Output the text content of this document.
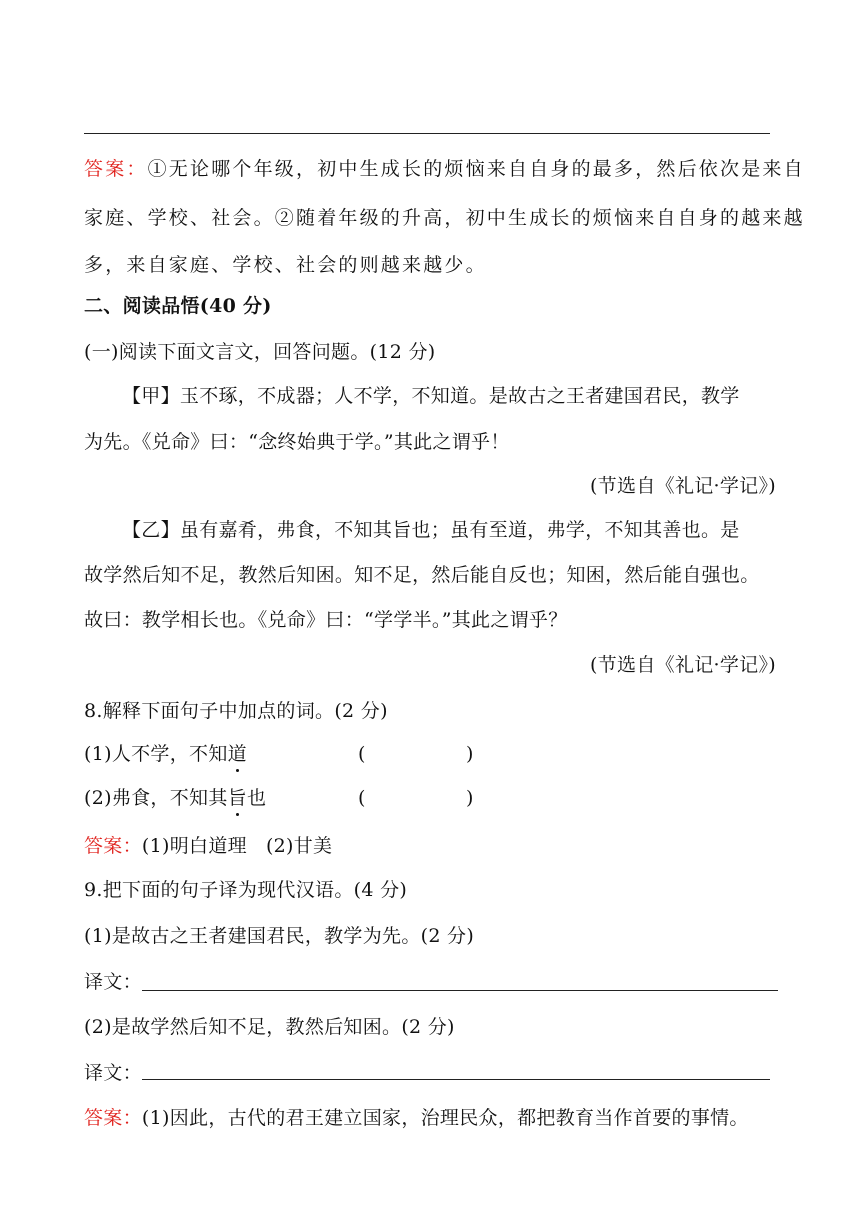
答案：①无论哪个年级，初中生成长的烦恼来自自身的最多，然后依次是来自
家庭、学校、社会。②随着年级的升高，初中生成长的烦恼来自自身的越来越
多，来自家庭、学校、社会的则越来越少。
二、阅读品悟(40 分)
(一)阅读下面文言文，回答问题。(12 分)
【甲】玉不琢，不成器；人不学，不知道。是故古之王者建国君民，教学
为先。《兑命》曰：“念终始典于学。”其此之谓乎！
(节选自《礼记·学记》)
【乙】虽有嘉肴，弗食，不知其旨也；虽有至道，弗学，不知其善也。是
故学然后知不足，教然后知困。知不足，然后能自反也；知困，然后能自强也。
故曰：教学相长也。《兑命》曰：“学学半。”其此之谓乎？
(节选自《礼记·学记》)
8.解释下面句子中加点的词。(2 分)
(1)人不学，不知道	(	)
(2)弗食，不知其旨也	(	)
答案：(1)明白道理   (2)甘美
9.把下面的句子译为现代汉语。(4 分)
(1)是故古之王者建国君民，教学为先。(2 分)
译文：
(2)是故学然后知不足，教然后知困。(2 分)
译文：
答案：(1)因此，古代的君王建立国家，治理民众，都把教育当作首要的事情。
